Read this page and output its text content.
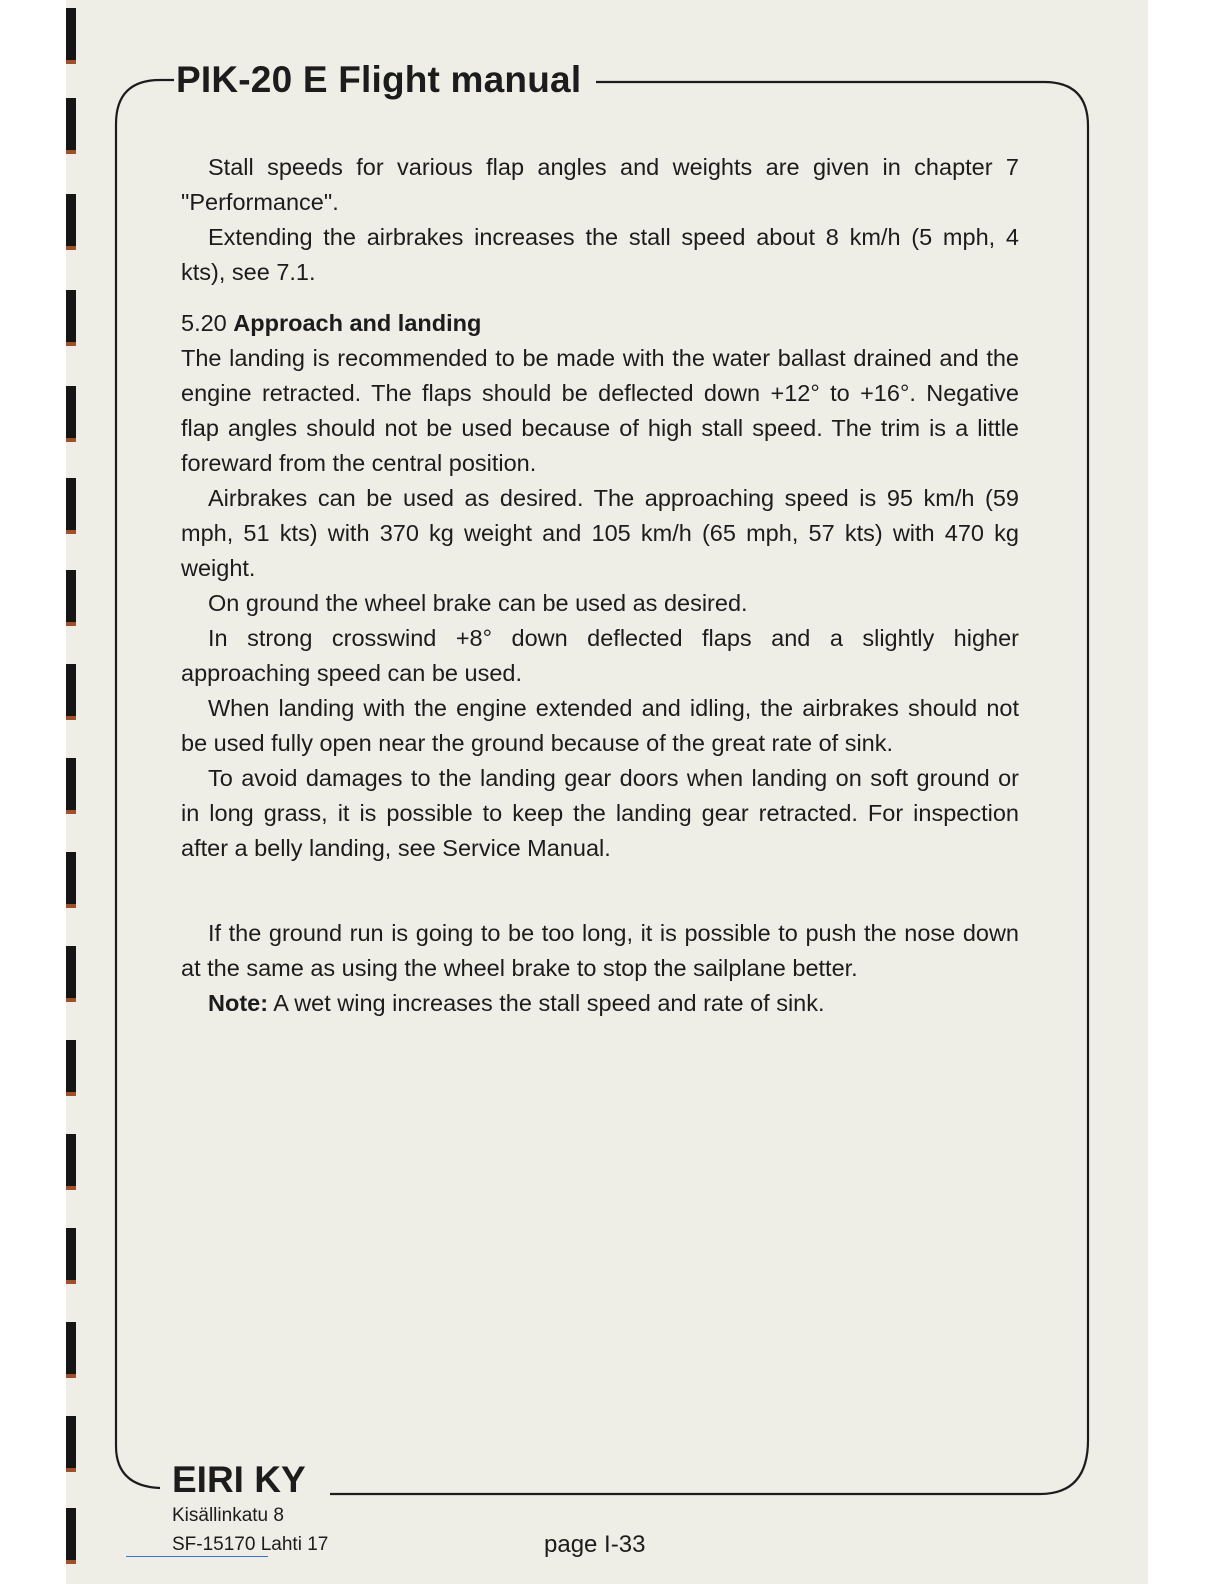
PIK-20 E Flight manual

Stall speeds for various flap angles and weights are given in chapter 7 "Performance".

Extending the airbrakes increases the stall speed about 8 km/h (5 mph, 4 kts), see 7.1.

5.20 Approach and landing

The landing is recommended to be made with the water ballast drained and the engine retracted. The flaps should be deflected down +12° to +16°. Negative flap angles should not be used because of high stall speed. The trim is a little foreward from the central position.

Airbrakes can be used as desired. The approaching speed is 95 km/h (59 mph, 51 kts) with 370 kg weight and 105 km/h (65 mph, 57 kts) with 470 kg weight.

On ground the wheel brake can be used as desired.

In strong crosswind +8° down deflected flaps and a slightly higher approaching speed can be used.

When landing with the engine extended and idling, the airbrakes should not be used fully open near the ground because of the great rate of sink.

To avoid damages to the landing gear doors when landing on soft ground or in long grass, it is possible to keep the landing gear retracted. For inspection after a belly landing, see Service Manual.

If the ground run is going to be too long, it is possible to push the nose down at the same as using the wheel brake to stop the sailplane better.

Note: A wet wing increases the stall speed and rate of sink.

EIRI KY
Kisällinkatu 8
SF-15170 Lahti 17	page I-33
